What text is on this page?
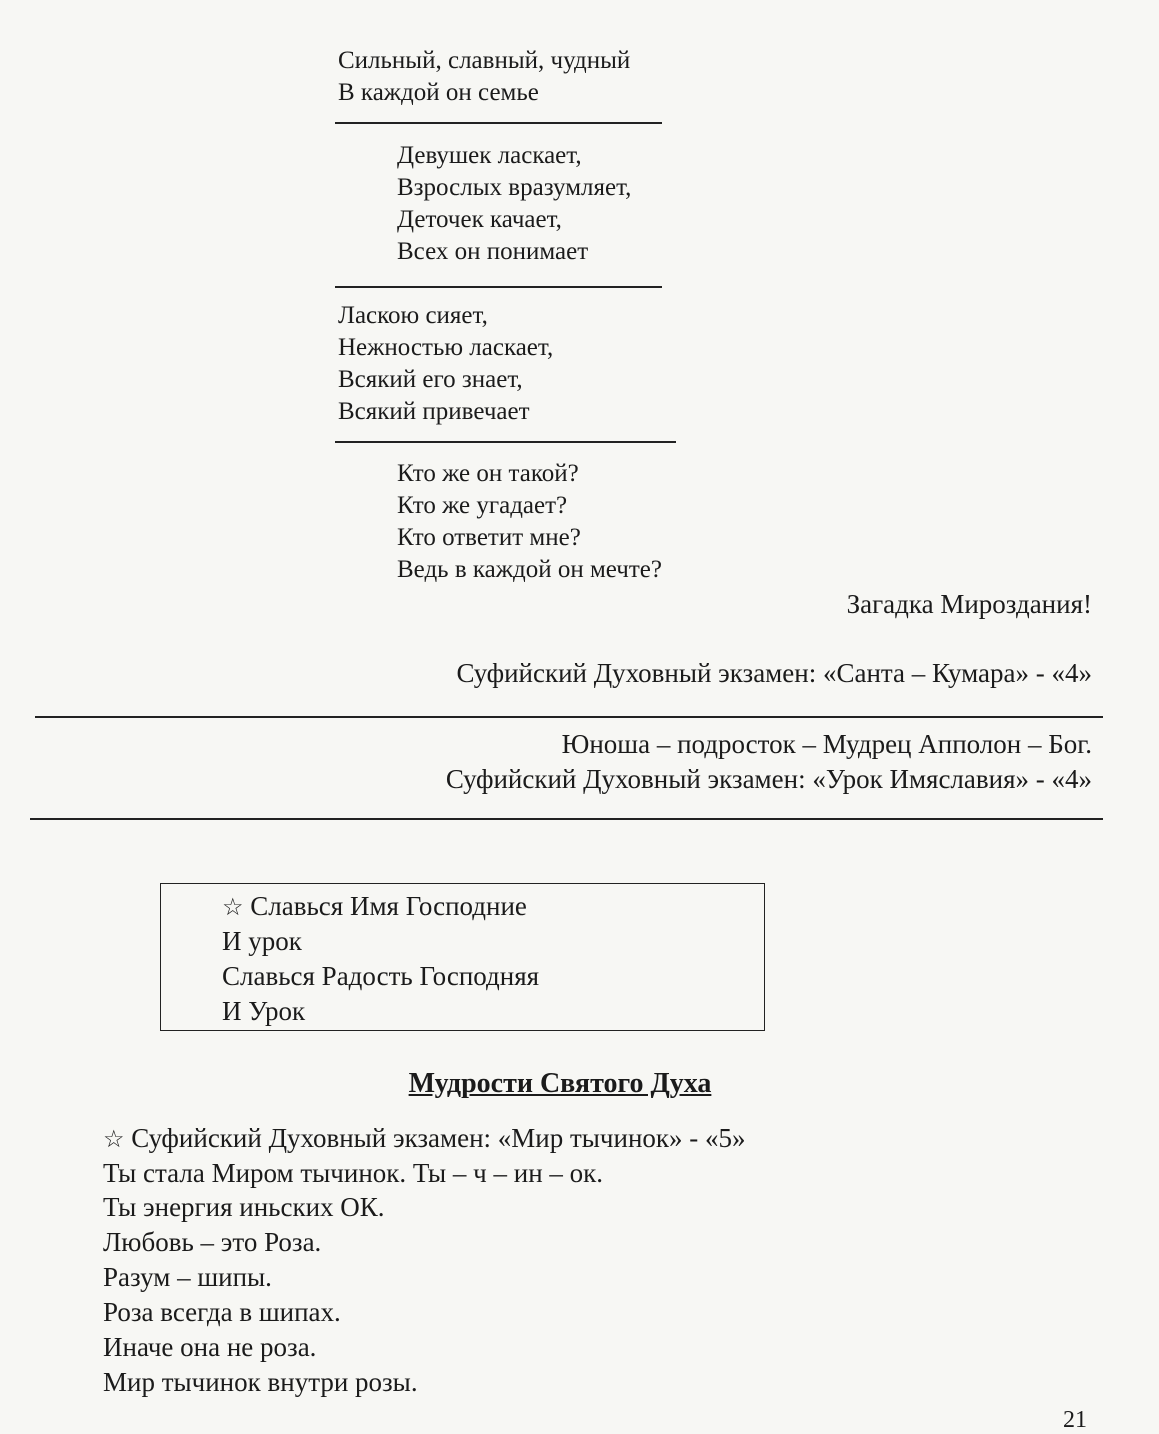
Сильный, славный, чудный
В каждой он семье
Девушек ласкает,
Взрослых вразумляет,
Деточек качает,
Всех он понимает
Ласкою сияет,
Нежностью ласкает,
Всякий его знает,
Всякий привечает
Кто же он такой?
Кто же угадает?
Кто ответит мне?
Ведь в каждой он мечте?
Загадка Мироздания!
Суфийский Духовный экзамен: «Санта – Кумара» - «4»
Юноша – подросток – Мудрец Апполон – Бог.
Суфийский Духовный экзамен: «Урок Имяславия» - «4»
☆ Славься Имя Господние
И урок
Славься Радость Господняя
И Урок
Мудрости Святого Духа
☆ Суфийский Духовный экзамен: «Мир тычинок» - «5»
Ты стала Миром тычинок. Ты – ч – ин – ок.
Ты энергия иньских ОК.
Любовь – это Роза.
Разум – шипы.
Роза всегда в шипах.
Иначе она не роза.
Мир тычинок внутри розы.
21
